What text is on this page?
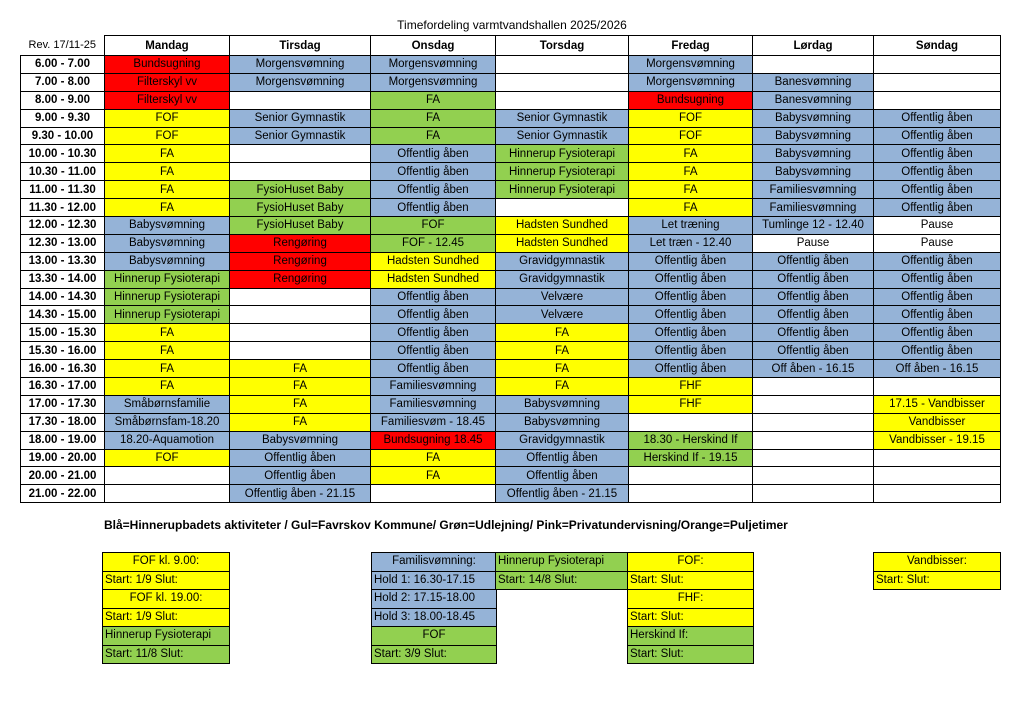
Timefordeling varmtvandshallen 2025/2026
Rev. 17/11-25	Mandag	Tirsdag	Onsdag	Torsdag	Fredag	Lørdag	Søndag
6.00 - 7.00	Bundsugning	Morgensvømning	Morgensvømning		Morgensvømning		
7.00 - 8.00	Filterskyl vv	Morgensvømning	Morgensvømning		Morgensvømning	Banesvømning	
8.00 - 9.00	Filterskyl vv		FA		Bundsugning	Banesvømning	
9.00 - 9.30	FOF	Senior Gymnastik	FA	Senior Gymnastik	FOF	Babysvømning	Offentlig åben
9.30 - 10.00	FOF	Senior Gymnastik	FA	Senior Gymnastik	FOF	Babysvømning	Offentlig åben
10.00 - 10.30	FA		Offentlig åben	Hinnerup Fysioterapi	FA	Babysvømning	Offentlig åben
10.30 - 11.00	FA		Offentlig åben	Hinnerup Fysioterapi	FA	Babysvømning	Offentlig åben
11.00 - 11.30	FA	FysioHuset Baby	Offentlig åben	Hinnerup Fysioterapi	FA	Familiesvømning	Offentlig åben
11.30 - 12.00	FA	FysioHuset Baby	Offentlig åben		FA	Familiesvømning	Offentlig åben
12.00 - 12.30	Babysvømning	FysioHuset Baby	FOF	Hadsten Sundhed	Let træning	Tumlinge 12 - 12.40	Pause
12.30 - 13.00	Babysvømning	Rengøring	FOF - 12.45	Hadsten Sundhed	Let træn - 12.40	Pause	Pause
13.00 - 13.30	Babysvømning	Rengøring	Hadsten Sundhed	Gravidgymnastik	Offentlig åben	Offentlig åben	Offentlig åben
13.30 - 14.00	Hinnerup Fysioterapi	Rengøring	Hadsten Sundhed	Gravidgymnastik	Offentlig åben	Offentlig åben	Offentlig åben
14.00 - 14.30	Hinnerup Fysioterapi		Offentlig åben	Velvære	Offentlig åben	Offentlig åben	Offentlig åben
14.30 - 15.00	Hinnerup Fysioterapi		Offentlig åben	Velvære	Offentlig åben	Offentlig åben	Offentlig åben
15.00 - 15.30	FA		Offentlig åben	FA	Offentlig åben	Offentlig åben	Offentlig åben
15.30 - 16.00	FA		Offentlig åben	FA	Offentlig åben	Offentlig åben	Offentlig åben
16.00 - 16.30	FA	FA	Offentlig åben	FA	Offentlig åben	Off åben - 16.15	Off åben - 16.15
16.30 - 17.00	FA	FA	Familiesvømning	FA	FHF		
17.00 - 17.30	Småbørnsfamilie	FA	Familiesvømning	Babysvømning	FHF		17.15 - Vandbisser
17.30 - 18.00	Småbørnsfam-18.20	FA	Familiesvøm - 18.45	Babysvømning			Vandbisser
18.00 - 19.00	18.20-Aquamotion	Babysvømning	Bundsugning 18.45	Gravidgymnastik	18.30 - Herskind If		Vandbisser - 19.15
19.00 - 20.00	FOF	Offentlig åben	FA	Offentlig åben	Herskind If - 19.15		
20.00 - 21.00		Offentlig åben	FA	Offentlig åben			
21.00 - 22.00		Offentlig åben - 21.15		Offentlig åben - 21.15			
Blå=Hinnerupbadets aktiviteter / Gul=Favrskov Kommune/ Grøn=Udlejning/ Pink=Privatundervisning/Orange=Puljetimer
FOF kl. 9.00:
Start: 1/9 Slut:
FOF kl. 19.00:
Start: 1/9 Slut:
Hinnerup Fysioterapi
Start: 11/8 Slut:
Familisvømning:
Hold 1: 16.30-17.15
Hold 2: 17.15-18.00
Hold 3: 18.00-18.45
FOF
Start: 3/9 Slut:
Hinnerup Fysioterapi
Start: 14/8 Slut:
FOF:
Start: Slut:
FHF:
Start: Slut:
Herskind If:
Start: Slut:
Vandbisser:
Start: Slut:
